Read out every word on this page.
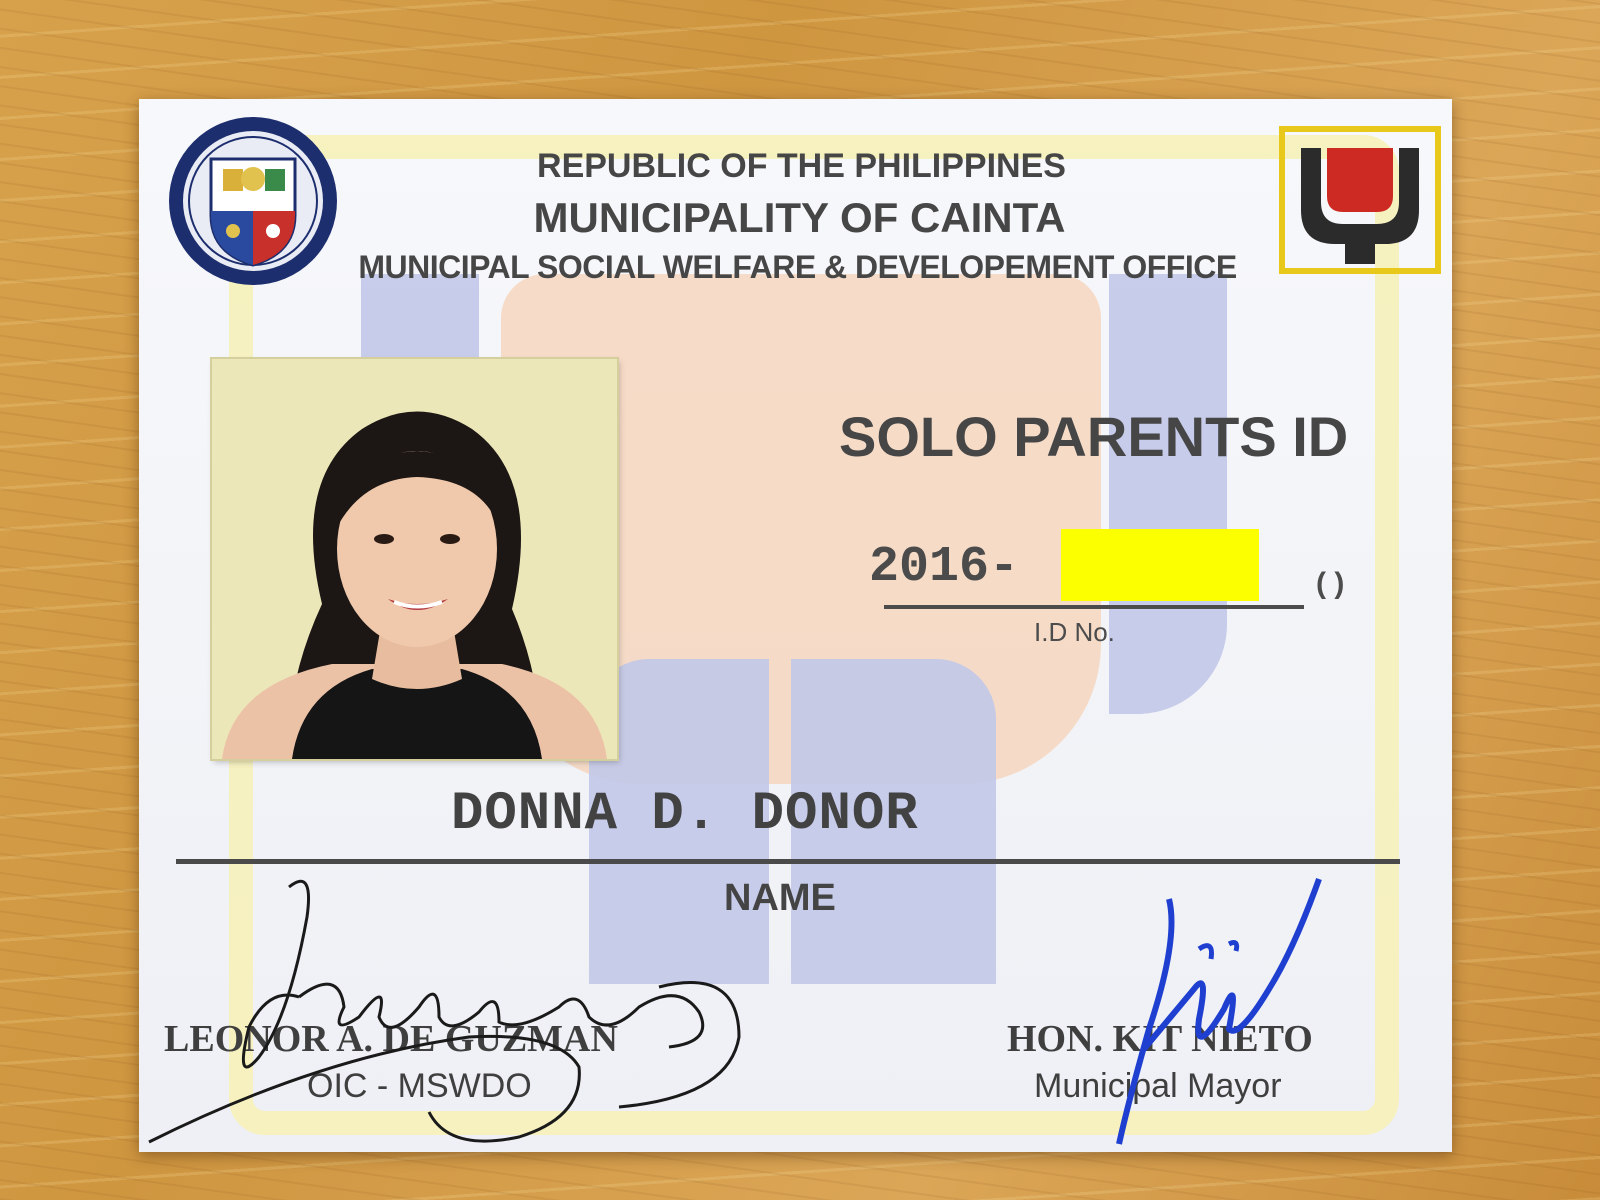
REPUBLIC OF THE PHILIPPINES
MUNICIPALITY OF CAINTA
MUNICIPAL SOCIAL WELFARE & DEVELOPEMENT OFFICE
SOLO PARENTS ID
2016-	( )
I.D No.
DONNA D. DONOR
NAME
LEONOR A. DE GUZMAN
OIC - MSWDO
HON. KIT NIETO
Municipal Mayor
